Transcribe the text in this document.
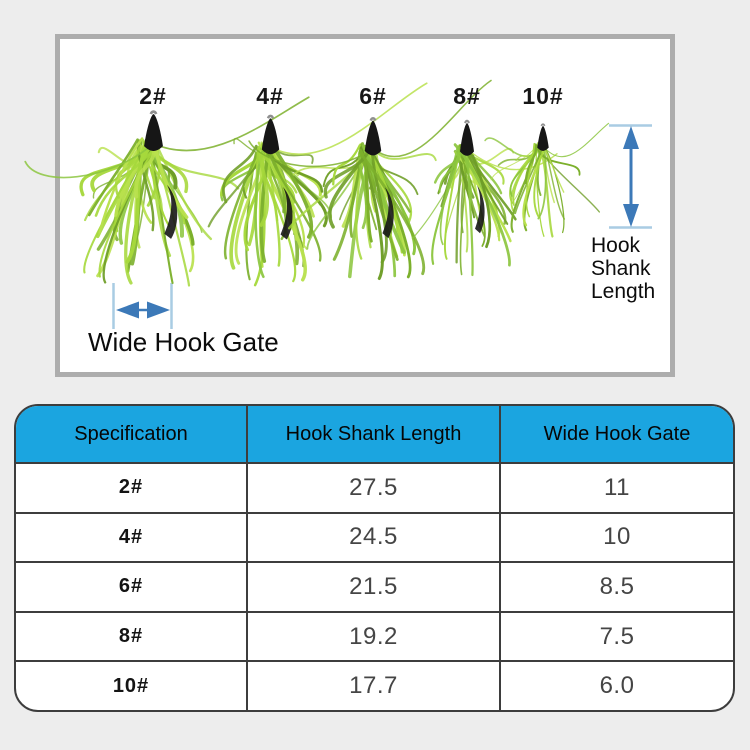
Hook Shank Length
Wide Hook Gate
2#	4#	6#	8# 10#
Specification	Hook Shank Length	Wide Hook Gate
2#	27.5	11
4#	24.5	10
6#	21.5	8.5
8#	19.2	7.5
10#	17.7	6.0
